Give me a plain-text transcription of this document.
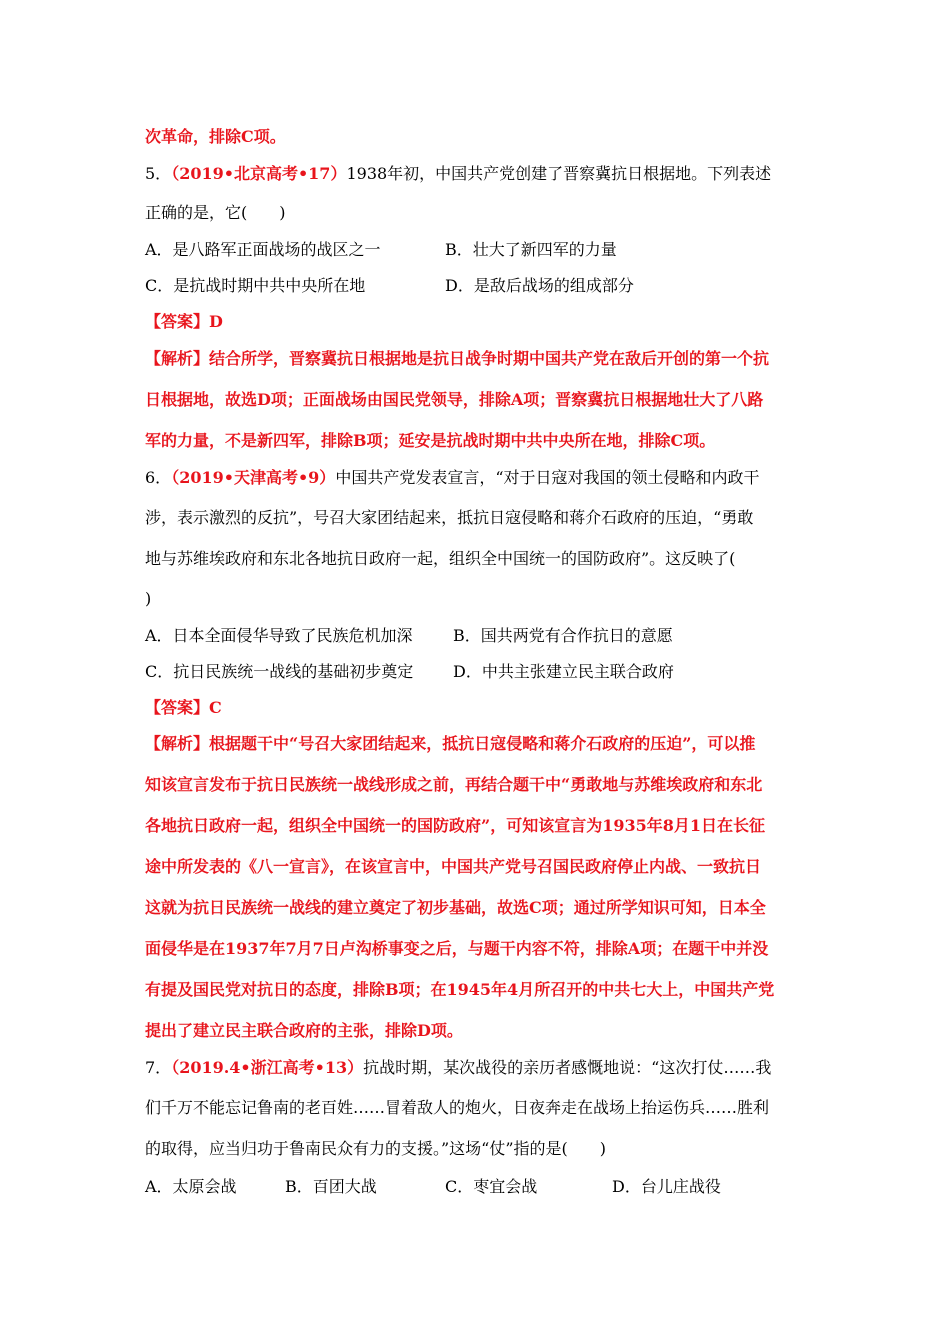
次革命，排除C项。
5．（2019•北京高考•17）1938年初，中国共产党创建了晋察冀抗日根据地。下列表述
正确的是，它(　　)
A．是八路军正面战场的战区之一	B．壮大了新四军的力量
C．是抗战时期中共中央所在地	D．是敌后战场的组成部分
【答案】D
【解析】结合所学，晋察冀抗日根据地是抗日战争时期中国共产党在敌后开创的第一个抗
日根据地，故选D项；正面战场由国民党领导，排除A项；晋察冀抗日根据地壮大了八路
军的力量，不是新四军，排除B项；延安是抗战时期中共中央所在地，排除C项。
6．（2019•天津高考•9）中国共产党发表宣言，“对于日寇对我国的领土侵略和内政干
涉，表示激烈的反抗”，号召大家团结起来，抵抗日寇侵略和蒋介石政府的压迫，“勇敢
地与苏维埃政府和东北各地抗日政府一起，组织全中国统一的国防政府”。这反映了(
)
A．日本全面侵华导致了民族危机加深	B．国共两党有合作抗日的意愿
C．抗日民族统一战线的基础初步奠定 D．中共主张建立民主联合政府
【答案】C
【解析】根据题干中“号召大家团结起来，抵抗日寇侵略和蒋介石政府的压迫”，可以推
知该宣言发布于抗日民族统一战线形成之前，再结合题干中“勇敢地与苏维埃政府和东北
各地抗日政府一起，组织全中国统一的国防政府”，可知该宣言为1935年8月1日在长征
途中所发表的《八一宣言》，在该宣言中，中国共产党号召国民政府停止内战、一致抗日
这就为抗日民族统一战线的建立奠定了初步基础，故选C项；通过所学知识可知，日本全
面侵华是在1937年7月7日卢沟桥事变之后，与题干内容不符，排除A项；在题干中并没
有提及国民党对抗日的态度，排除B项；在1945年4月所召开的中共七大上，中国共产党
提出了建立民主联合政府的主张，排除D项。
7．（2019.4•浙江高考•13）抗战时期，某次战役的亲历者感慨地说：“这次打仗……我
们千万不能忘记鲁南的老百姓……冒着敌人的炮火，日夜奔走在战场上抬运伤兵……胜利
的取得，应当归功于鲁南民众有力的支援。”这场“仗”指的是(　　)
A．太原会战	B．百团大战	C．枣宜会战	D．台儿庄战役
